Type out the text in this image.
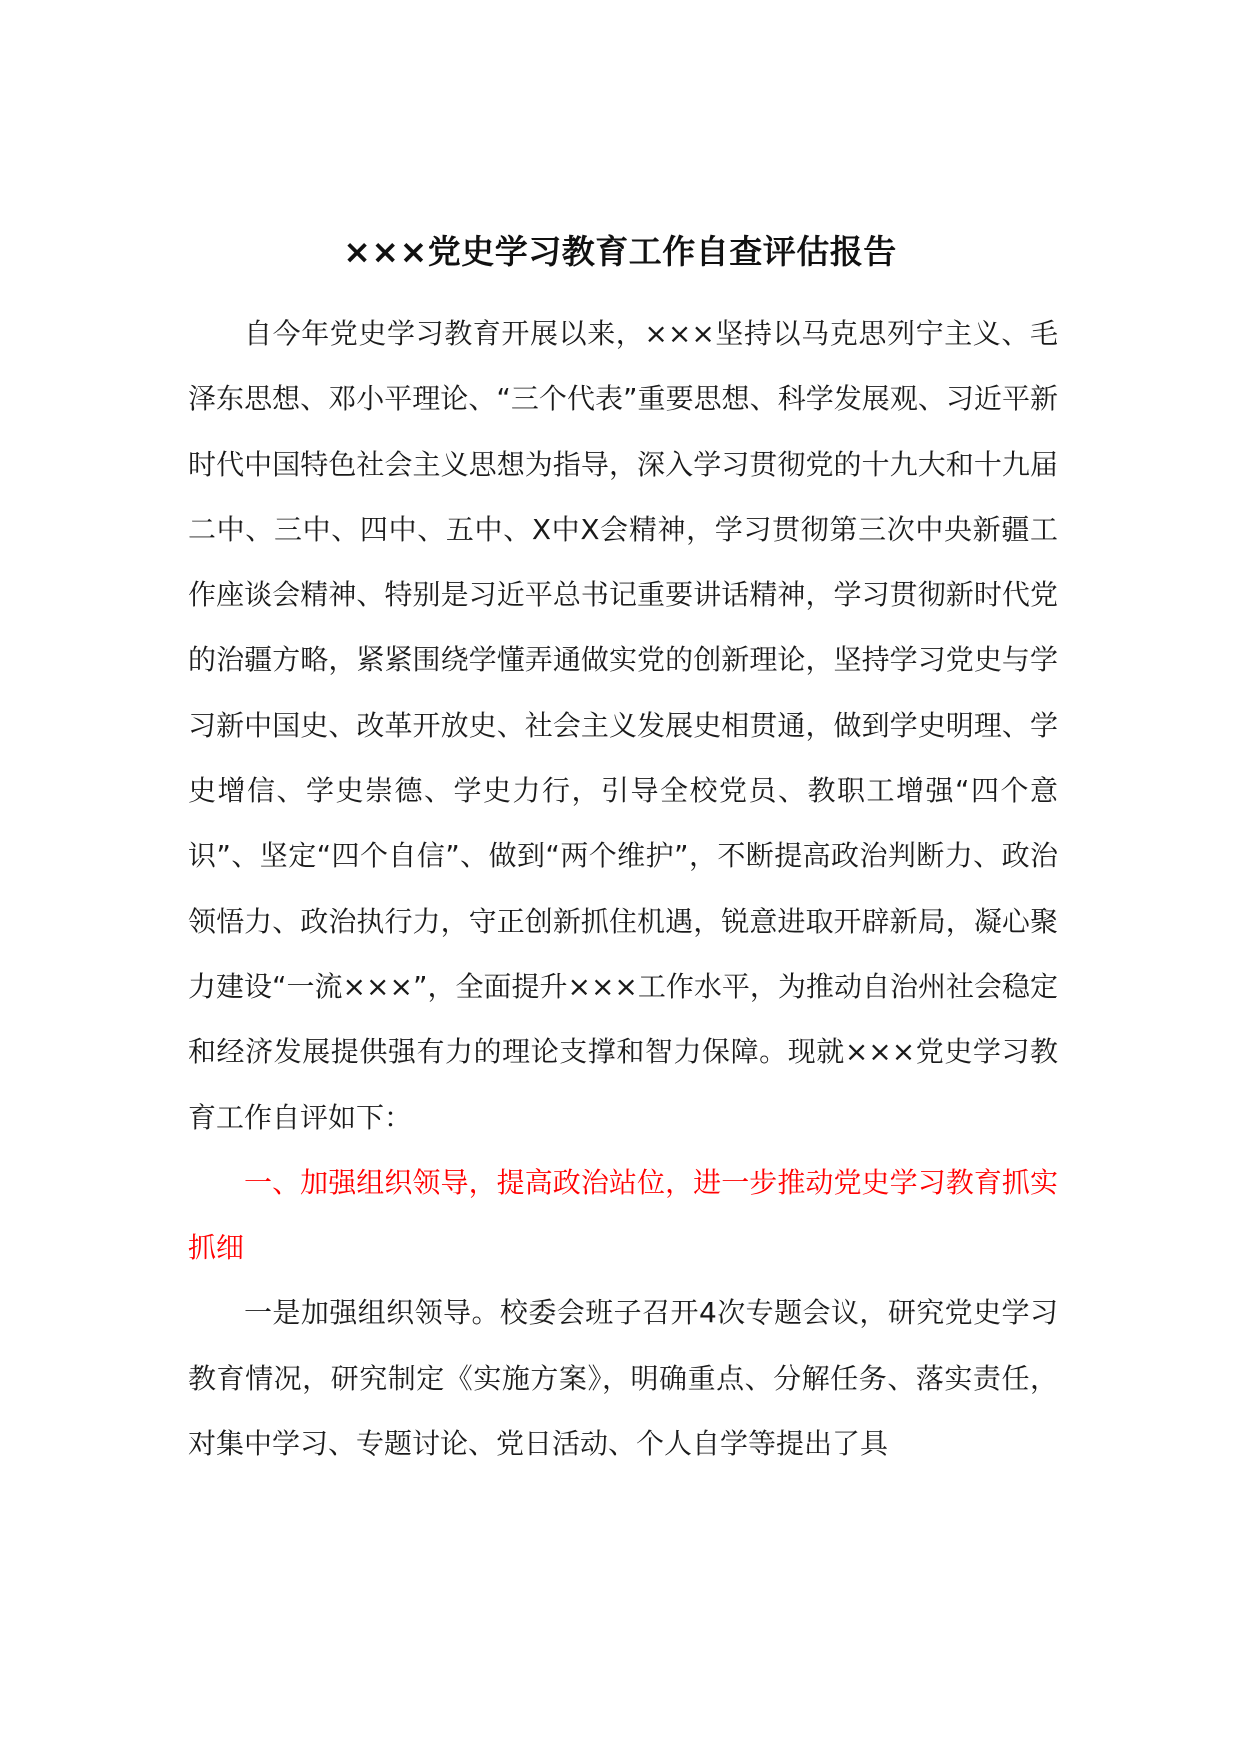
×××党史学习教育工作自查评估报告

自今年党史学习教育开展以来，×××坚持以马克思列宁主义、毛泽东思想、邓小平理论、“三个代表”重要思想、科学发展观、习近平新时代中国特色社会主义思想为指导，深入学习贯彻党的十九大和十九届二中、三中、四中、五中、X中X会精神，学习贯彻第三次中央新疆工作座谈会精神、特别是习近平总书记重要讲话精神，学习贯彻新时代党的治疆方略，紧紧围绕学懂弄通做实党的创新理论，坚持学习党史与学习新中国史、改革开放史、社会主义发展史相贯通，做到学史明理、学史增信、学史崇德、学史力行，引导全校党员、教职工增强“四个意识”、坚定“四个自信”、做到“两个维护”，不断提高政治判断力、政治领悟力、政治执行力，守正创新抓住机遇，锐意进取开辟新局，凝心聚力建设“一流×××”，全面提升×××工作水平，为推动自治州社会稳定和经济发展提供强有力的理论支撑和智力保障。现就×××党史学习教育工作自评如下：

一、加强组织领导，提高政治站位，进一步推动党史学习教育抓实抓细

一是加强组织领导。校委会班子召开4次专题会议，研究党史学习教育情况，研究制定《实施方案》，明确重点、分解任务、落实责任，对集中学习、专题讨论、党日活动、个人自学等提出了具
